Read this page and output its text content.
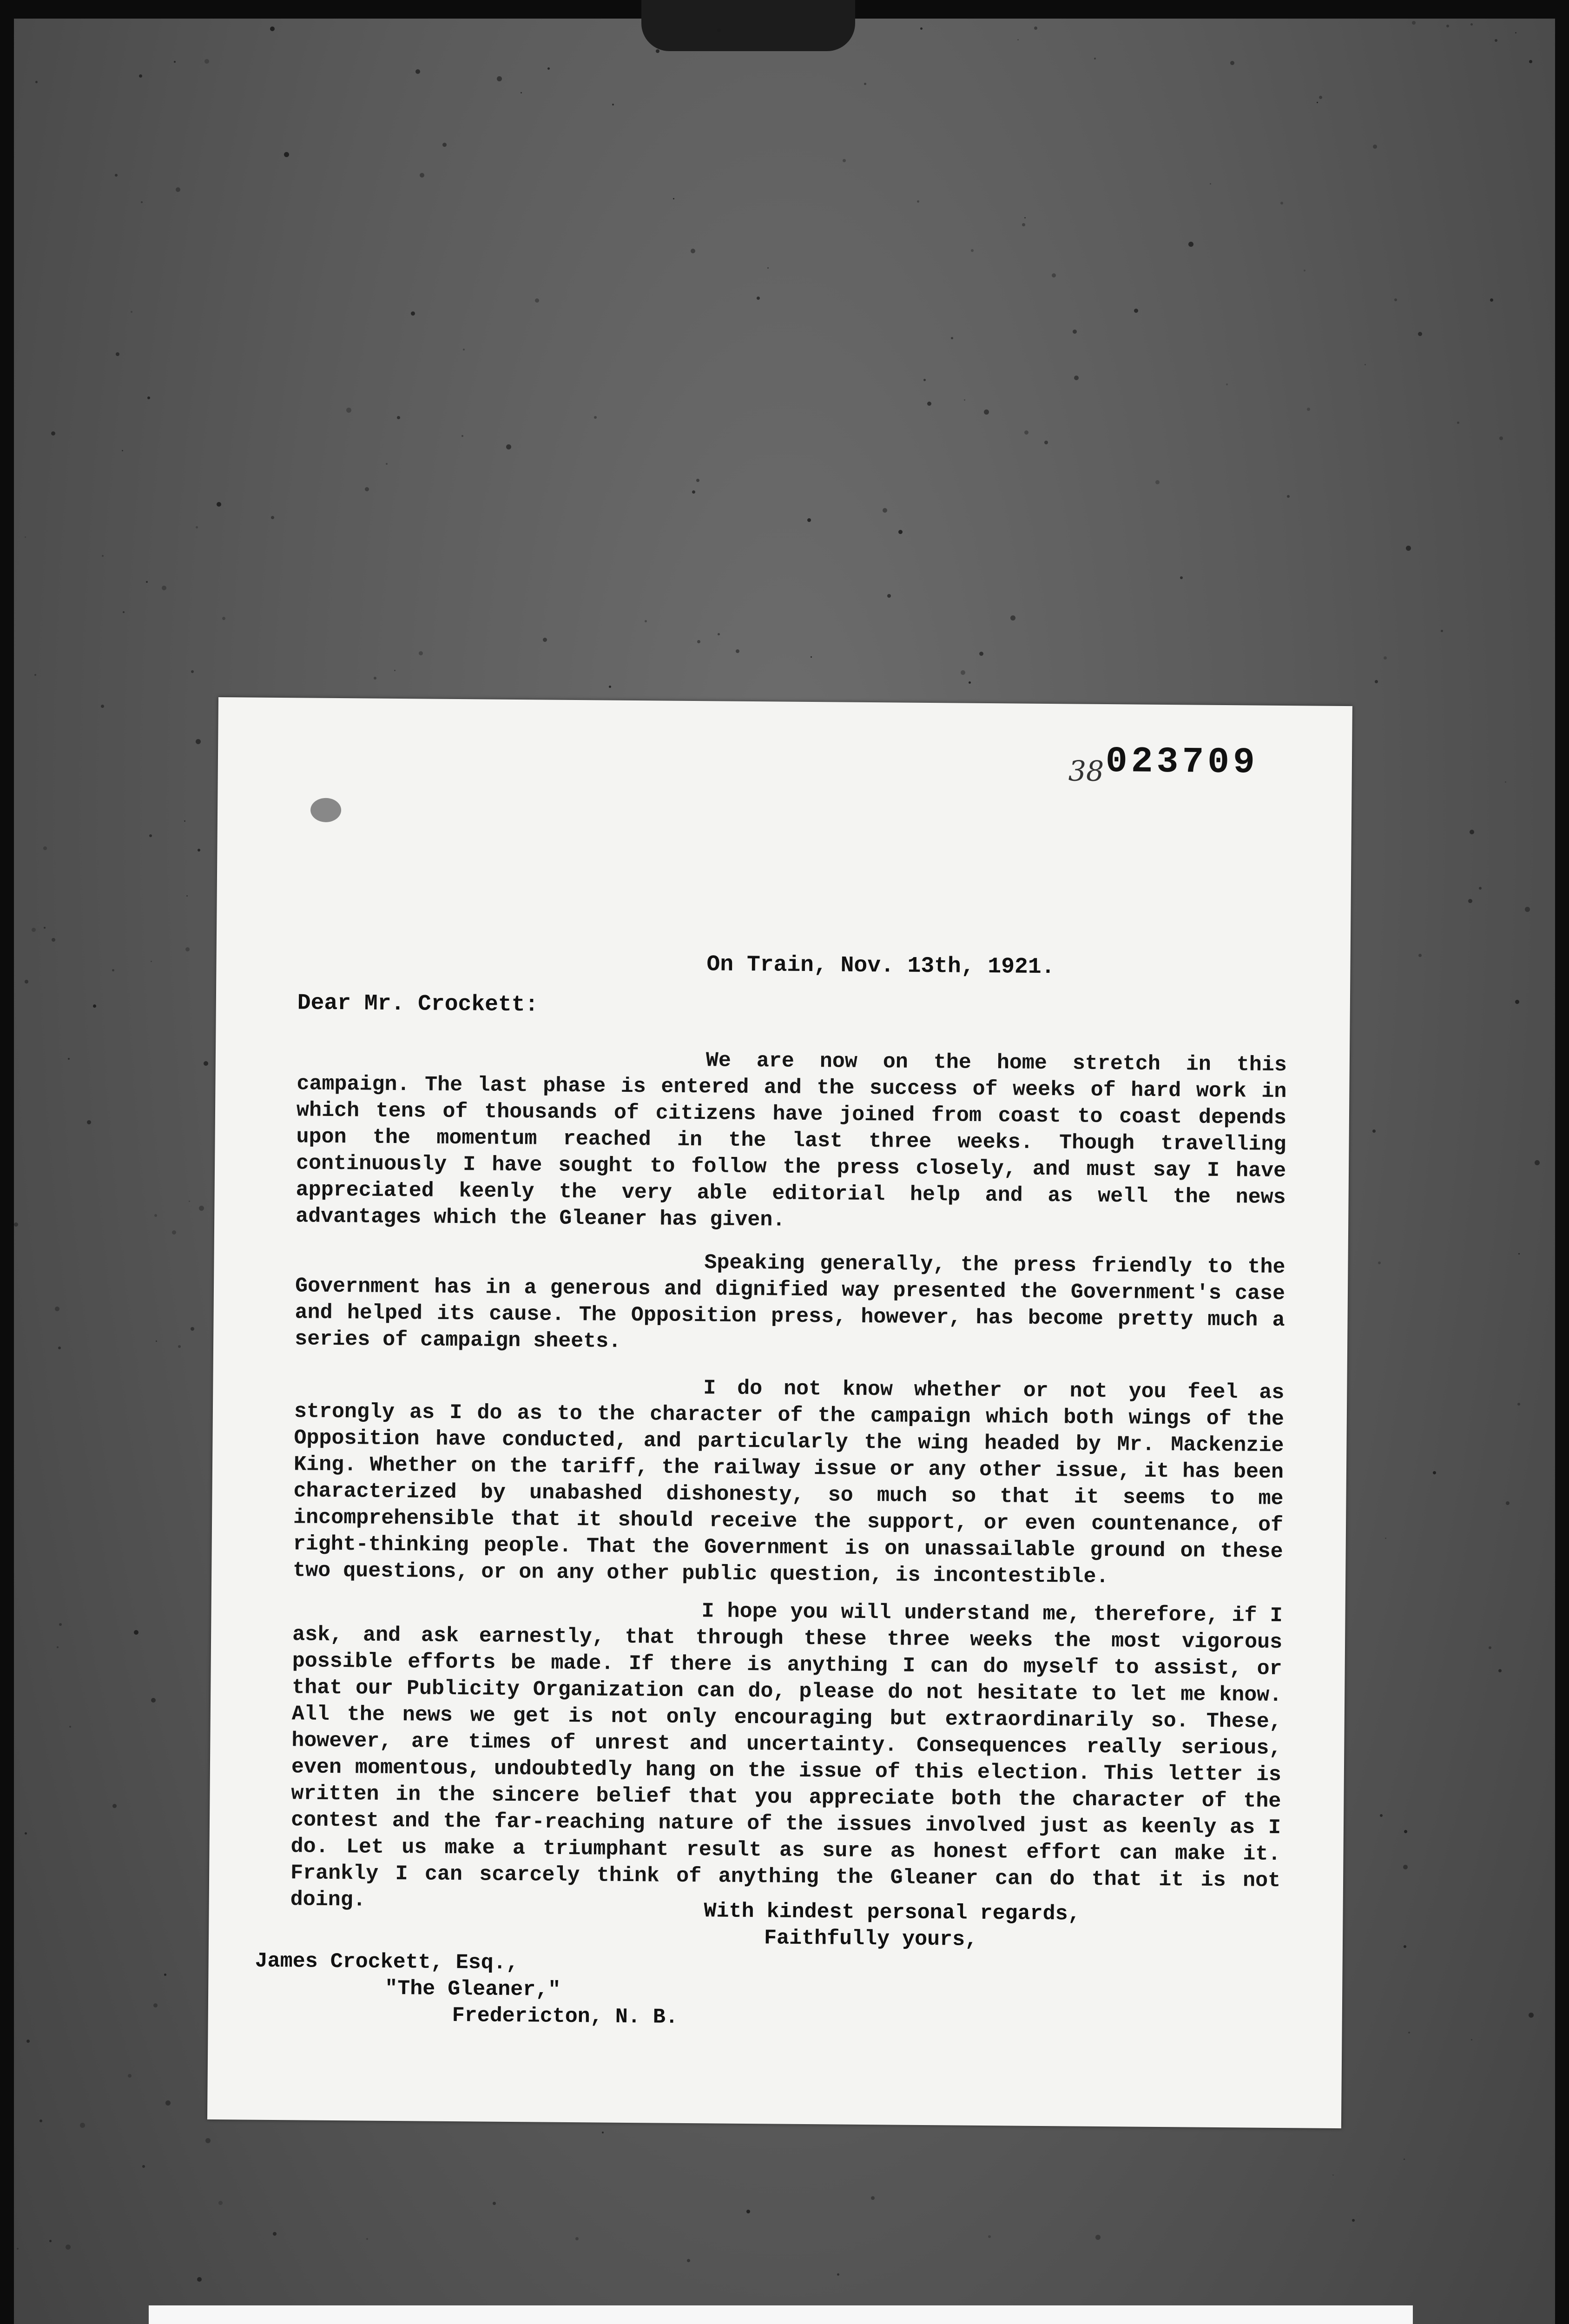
38 023709
On Train, Nov. 13th, 1921.
Dear Mr. Crockett:
We are now on the home stretch in this campaign. The last phase is entered and the success of weeks of hard work in which tens of thousands of citizens have joined from coast to coast depends upon the momentum reached in the last three weeks. Though travelling continuously I have sought to follow the press closely, and must say I have appreciated keenly the very able editorial help and as well the news advantages which the Gleaner has given.
Speaking generally, the press friendly to the Government has in a generous and dignified way presented the Government's case and helped its cause. The Opposition press, however, has become pretty much a series of campaign sheets.
I do not know whether or not you feel as strongly as I do as to the character of the campaign which both wings of the Opposition have conducted, and particularly the wing headed by Mr. Mackenzie King. Whether on the tariff, the railway issue or any other issue, it has been characterized by unabashed dishonesty, so much so that it seems to me incomprehensible that it should receive the support, or even countenance, of right-thinking people. That the Government is on unassailable ground on these two questions, or on any other public question, is incontestible.
I hope you will understand me, therefore, if I ask, and ask earnestly, that through these three weeks the most vigorous possible efforts be made. If there is anything I can do myself to assist, or that our Publicity Organization can do, please do not hesitate to let me know. All the news we get is not only encouraging but extraordinarily so. These, however, are times of unrest and uncertainty. Consequences really serious, even momentous, undoubtedly hang on the issue of this election. This letter is written in the sincere belief that you appreciate both the character of the contest and the far-reaching nature of the issues involved just as keenly as I do. Let us make a triumphant result as sure as honest effort can make it. Frankly I can scarcely think of anything the Gleaner can do that it is not doing.	With kindest personal regards,
Faithfully yours,
James Crockett, Esq.,
"The Gleaner,"
Fredericton, N. B.
